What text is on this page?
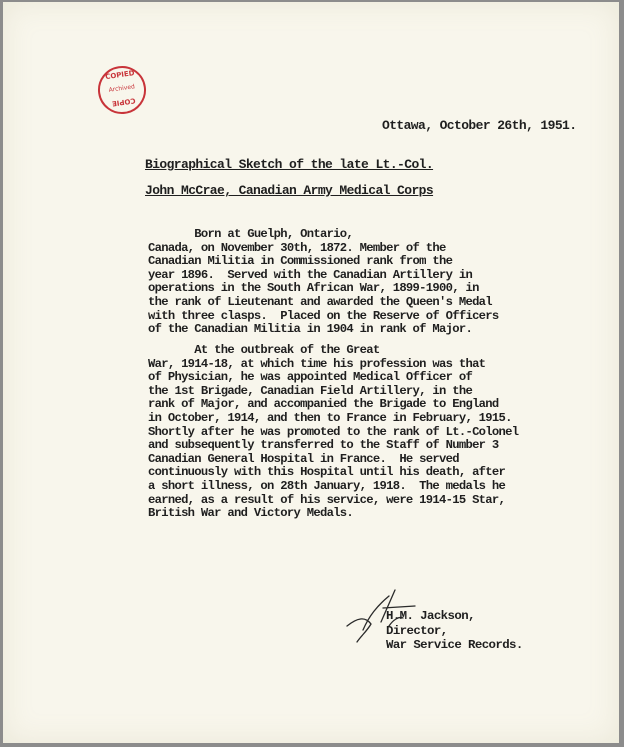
COPIED
Archived
COPIE
Ottawa, October 26th, 1951.
Biographical Sketch of the late Lt.-Col.
John McCrae, Canadian Army Medical Corps
Born at Guelph, Ontario,
Canada, on November 30th, 1872. Member of the
Canadian Militia in Commissioned rank from the
year 1896.  Served with the Canadian Artillery in
operations in the South African War, 1899-1900, in
the rank of Lieutenant and awarded the Queen's Medal
with three clasps.  Placed on the Reserve of Officers
of the Canadian Militia in 1904 in rank of Major.
At the outbreak of the Great
War, 1914-18, at which time his profession was that
of Physician, he was appointed Medical Officer of
the 1st Brigade, Canadian Field Artillery, in the
rank of Major, and accompanied the Brigade to England
in October, 1914, and then to France in February, 1915.
Shortly after he was promoted to the rank of Lt.-Colonel
and subsequently transferred to the Staff of Number 3
Canadian General Hospital in France.  He served
continuously with this Hospital until his death, after
a short illness, on 28th January, 1918.  The medals he
earned, as a result of his service, were 1914-15 Star,
British War and Victory Medals.
H.M. Jackson,
Director,
War Service Records.
